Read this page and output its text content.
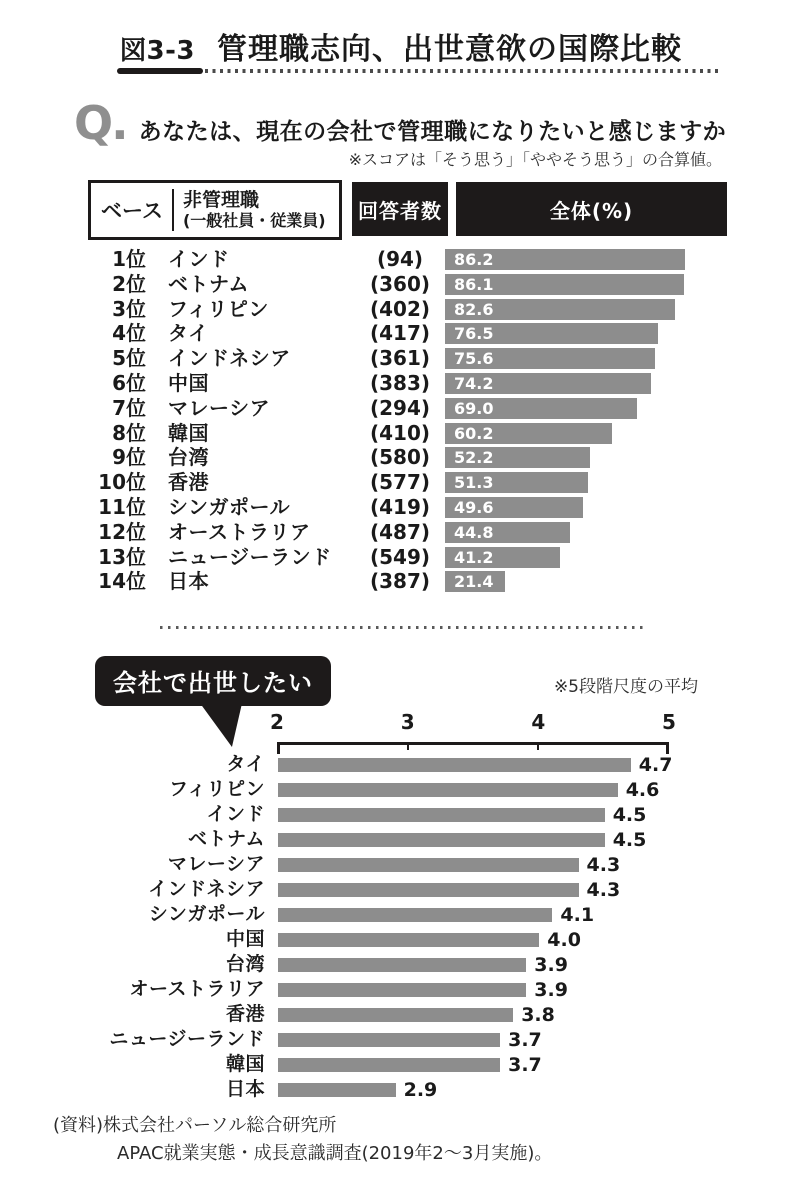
図3-3 管理職志向、出世意欲の国際比較
Q. あなたは、現在の会社で管理職になりたいと感じますか
※スコアは「そう思う」「ややそう思う」の合算値。
ベース	非管理職
(一般社員・従業員)	回答者数	全体(%)
1位 インド	(94)	86.2
2位 ベトナム	(360)	86.1
3位 フィリピン	(402)	82.6
4位 タイ	(417)	76.5
5位 インドネシア	(361)	75.6
6位 中国	(383)	74.2
7位 マレーシア	(294)	69.0
8位 韓国	(410)	60.2
9位 台湾	(580)	52.2
10位 香港	(577)	51.3
11位 シンガポール	(419)	49.6
12位 オーストラリア	(487)	44.8
13位 ニュージーランド	(549)	41.2
14位 日本	(387)	21.4
会社で出世したい	※5段階尺度の平均
2	3	4	5
タイ	4.7
フィリピン	4.6
インド	4.5
ベトナム	4.5
マレーシア	4.3
インドネシア	4.3
シンガポール	4.1
中国	4.0
台湾	3.9
オーストラリア	3.9
香港	3.8
ニュージーランド	3.7
韓国	3.7
日本	2.9
(資料)株式会社パーソル総合研究所
APAC就業実態・成長意識調査(2019年2〜3月実施)。
